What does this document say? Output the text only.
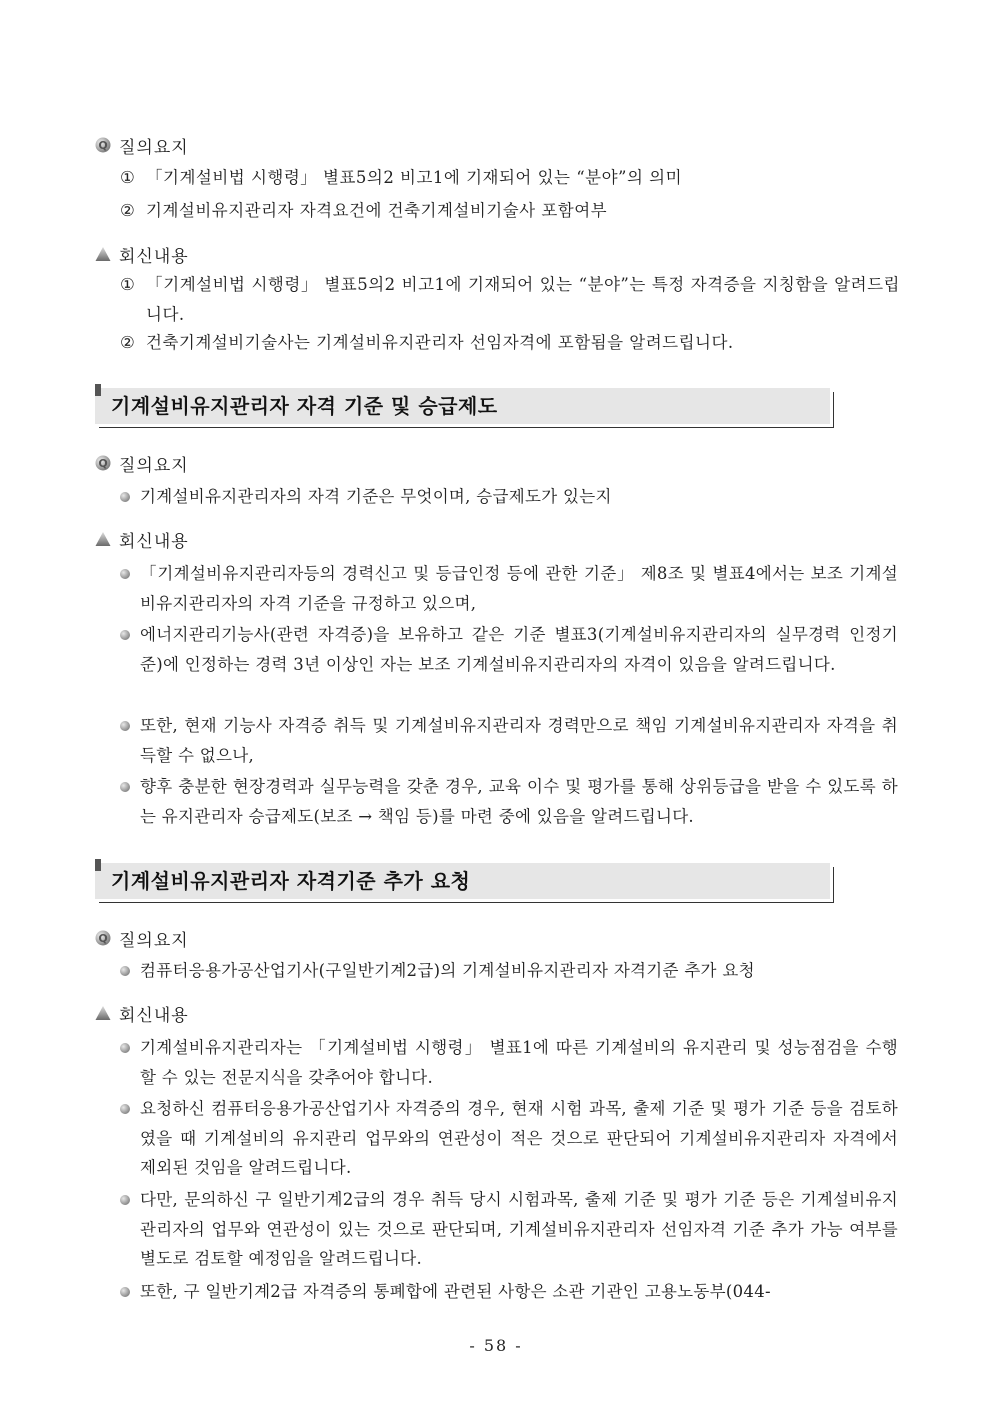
Q 질의요지
① 「기계설비법 시행령」 별표5의2 비고1에 기재되어 있는 “분야”의 의미
② 기계설비유지관리자 자격요건에 건축기계설비기술사 포함여부
회신내용
① 「기계설비법 시행령」 별표5의2 비고1에 기재되어 있는 “분야”는 특정 자격증을 지칭함을 알려드립니다.
② 건축기계설비기술사는 기계설비유지관리자 선임자격에 포함됨을 알려드립니다.
기계설비유지관리자 자격 기준 및 승급제도
Q 질의요지
기계설비유지관리자의 자격 기준은 무엇이며, 승급제도가 있는지
회신내용
「기계설비유지관리자등의 경력신고 및 등급인정 등에 관한 기준」 제8조 및 별표4에서는 보조 기계설비유지관리자의 자격 기준을 규정하고 있으며,
에너지관리기능사(관련 자격증)을 보유하고 같은 기준 별표3(기계설비유지관리자의 실무경력 인정기준)에 인정하는 경력 3년 이상인 자는 보조 기계설비유지관리자의 자격이 있음을 알려드립니다.
또한, 현재 기능사 자격증 취득 및 기계설비유지관리자 경력만으로 책임 기계설비유지관리자 자격을 취득할 수 없으나,
향후 충분한 현장경력과 실무능력을 갖춘 경우, 교육 이수 및 평가를 통해 상위등급을 받을 수 있도록 하는 유지관리자 승급제도(보조 → 책임 등)를 마련 중에 있음을 알려드립니다.
기계설비유지관리자 자격기준 추가 요청
Q 질의요지
컴퓨터응용가공산업기사(구일반기계2급)의 기계설비유지관리자 자격기준 추가 요청
회신내용
기계설비유지관리자는 「기계설비법 시행령」 별표1에 따른 기계설비의 유지관리 및 성능점검을 수행할 수 있는 전문지식을 갖추어야 합니다.
요청하신 컴퓨터응용가공산업기사 자격증의 경우, 현재 시험 과목, 출제 기준 및 평가 기준 등을 검토하였을 때 기계설비의 유지관리 업무와의 연관성이 적은 것으로 판단되어 기계설비유지관리자 자격에서 제외된 것임을 알려드립니다.
다만, 문의하신 구 일반기계2급의 경우 취득 당시 시험과목, 출제 기준 및 평가 기준 등은 기계설비유지관리자의 업무와 연관성이 있는 것으로 판단되며, 기계설비유지관리자 선임자격 기준 추가 가능 여부를 별도로 검토할 예정임을 알려드립니다.
또한, 구 일반기계2급 자격증의 통폐합에 관련된 사항은 소관 기관인 고용노동부(044-
- 58 -
